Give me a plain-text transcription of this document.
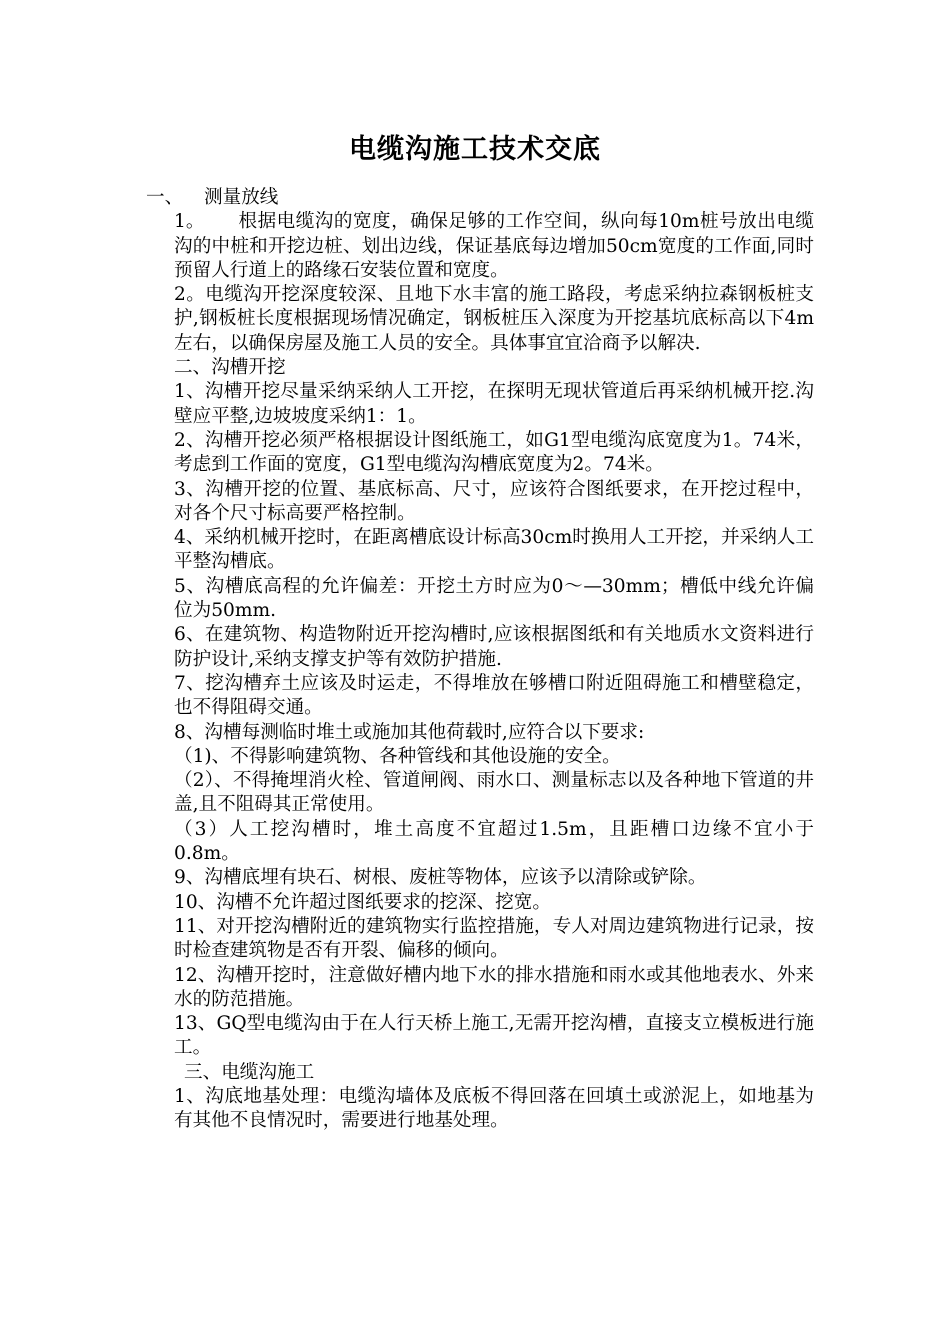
电缆沟施工技术交底

一、 测量放线

1。 根据电缆沟的宽度，确保足够的工作空间，纵向每10m桩号放出电缆沟的中桩和开挖边桩、划出边线，保证基底每边增加50cm宽度的工作面,同时预留人行道上的路缘石安装位置和宽度。

2。电缆沟开挖深度较深、且地下水丰富的施工路段，考虑采纳拉森钢板桩支护,钢板桩长度根据现场情况确定，钢板桩压入深度为开挖基坑底标高以下4m左右，以确保房屋及施工人员的安全。具体事宜宜洽商予以解决.

二、沟槽开挖

1、沟槽开挖尽量采纳采纳人工开挖，在探明无现状管道后再采纳机械开挖.沟壁应平整,边坡坡度采纳1：1。

2、沟槽开挖必须严格根据设计图纸施工，如G1型电缆沟底宽度为1。74米，考虑到工作面的宽度，G1型电缆沟沟槽底宽度为2。74米。

3、沟槽开挖的位置、基底标高、尺寸，应该符合图纸要求，在开挖过程中，对各个尺寸标高要严格控制。

4、采纳机械开挖时，在距离槽底设计标高30cm时换用人工开挖，并采纳人工平整沟槽底。

5、沟槽底高程的允许偏差：开挖土方时应为0～—30mm；槽低中线允许偏位为50mm.

6、在建筑物、构造物附近开挖沟槽时,应该根据图纸和有关地质水文资料进行防护设计,采纳支撑支护等有效防护措施.

7、挖沟槽弃土应该及时运走，不得堆放在够槽口附近阻碍施工和槽壁稳定，也不得阻碍交通。

8、沟槽每测临时堆土或施加其他荷载时,应符合以下要求:

（1)、不得影响建筑物、各种管线和其他设施的安全。

（2）、不得掩埋消火栓、管道闸阀、雨水口、测量标志以及各种地下管道的井盖,且不阻碍其正常使用。

（3）人工挖沟槽时，堆土高度不宜超过1.5m，且距槽口边缘不宜小于0.8m。

9、沟槽底埋有块石、树根、废桩等物体，应该予以清除或铲除。

10、沟槽不允许超过图纸要求的挖深、挖宽。

11、对开挖沟槽附近的建筑物实行监控措施，专人对周边建筑物进行记录，按时检查建筑物是否有开裂、偏移的倾向。

12、沟槽开挖时，注意做好槽内地下水的排水措施和雨水或其他地表水、外来水的防范措施。

13、GQ型电缆沟由于在人行天桥上施工,无需开挖沟槽，直接支立模板进行施工。

三、电缆沟施工

1、沟底地基处理：电缆沟墙体及底板不得回落在回填土或淤泥上，如地基为有其他不良情况时，需要进行地基处理。
